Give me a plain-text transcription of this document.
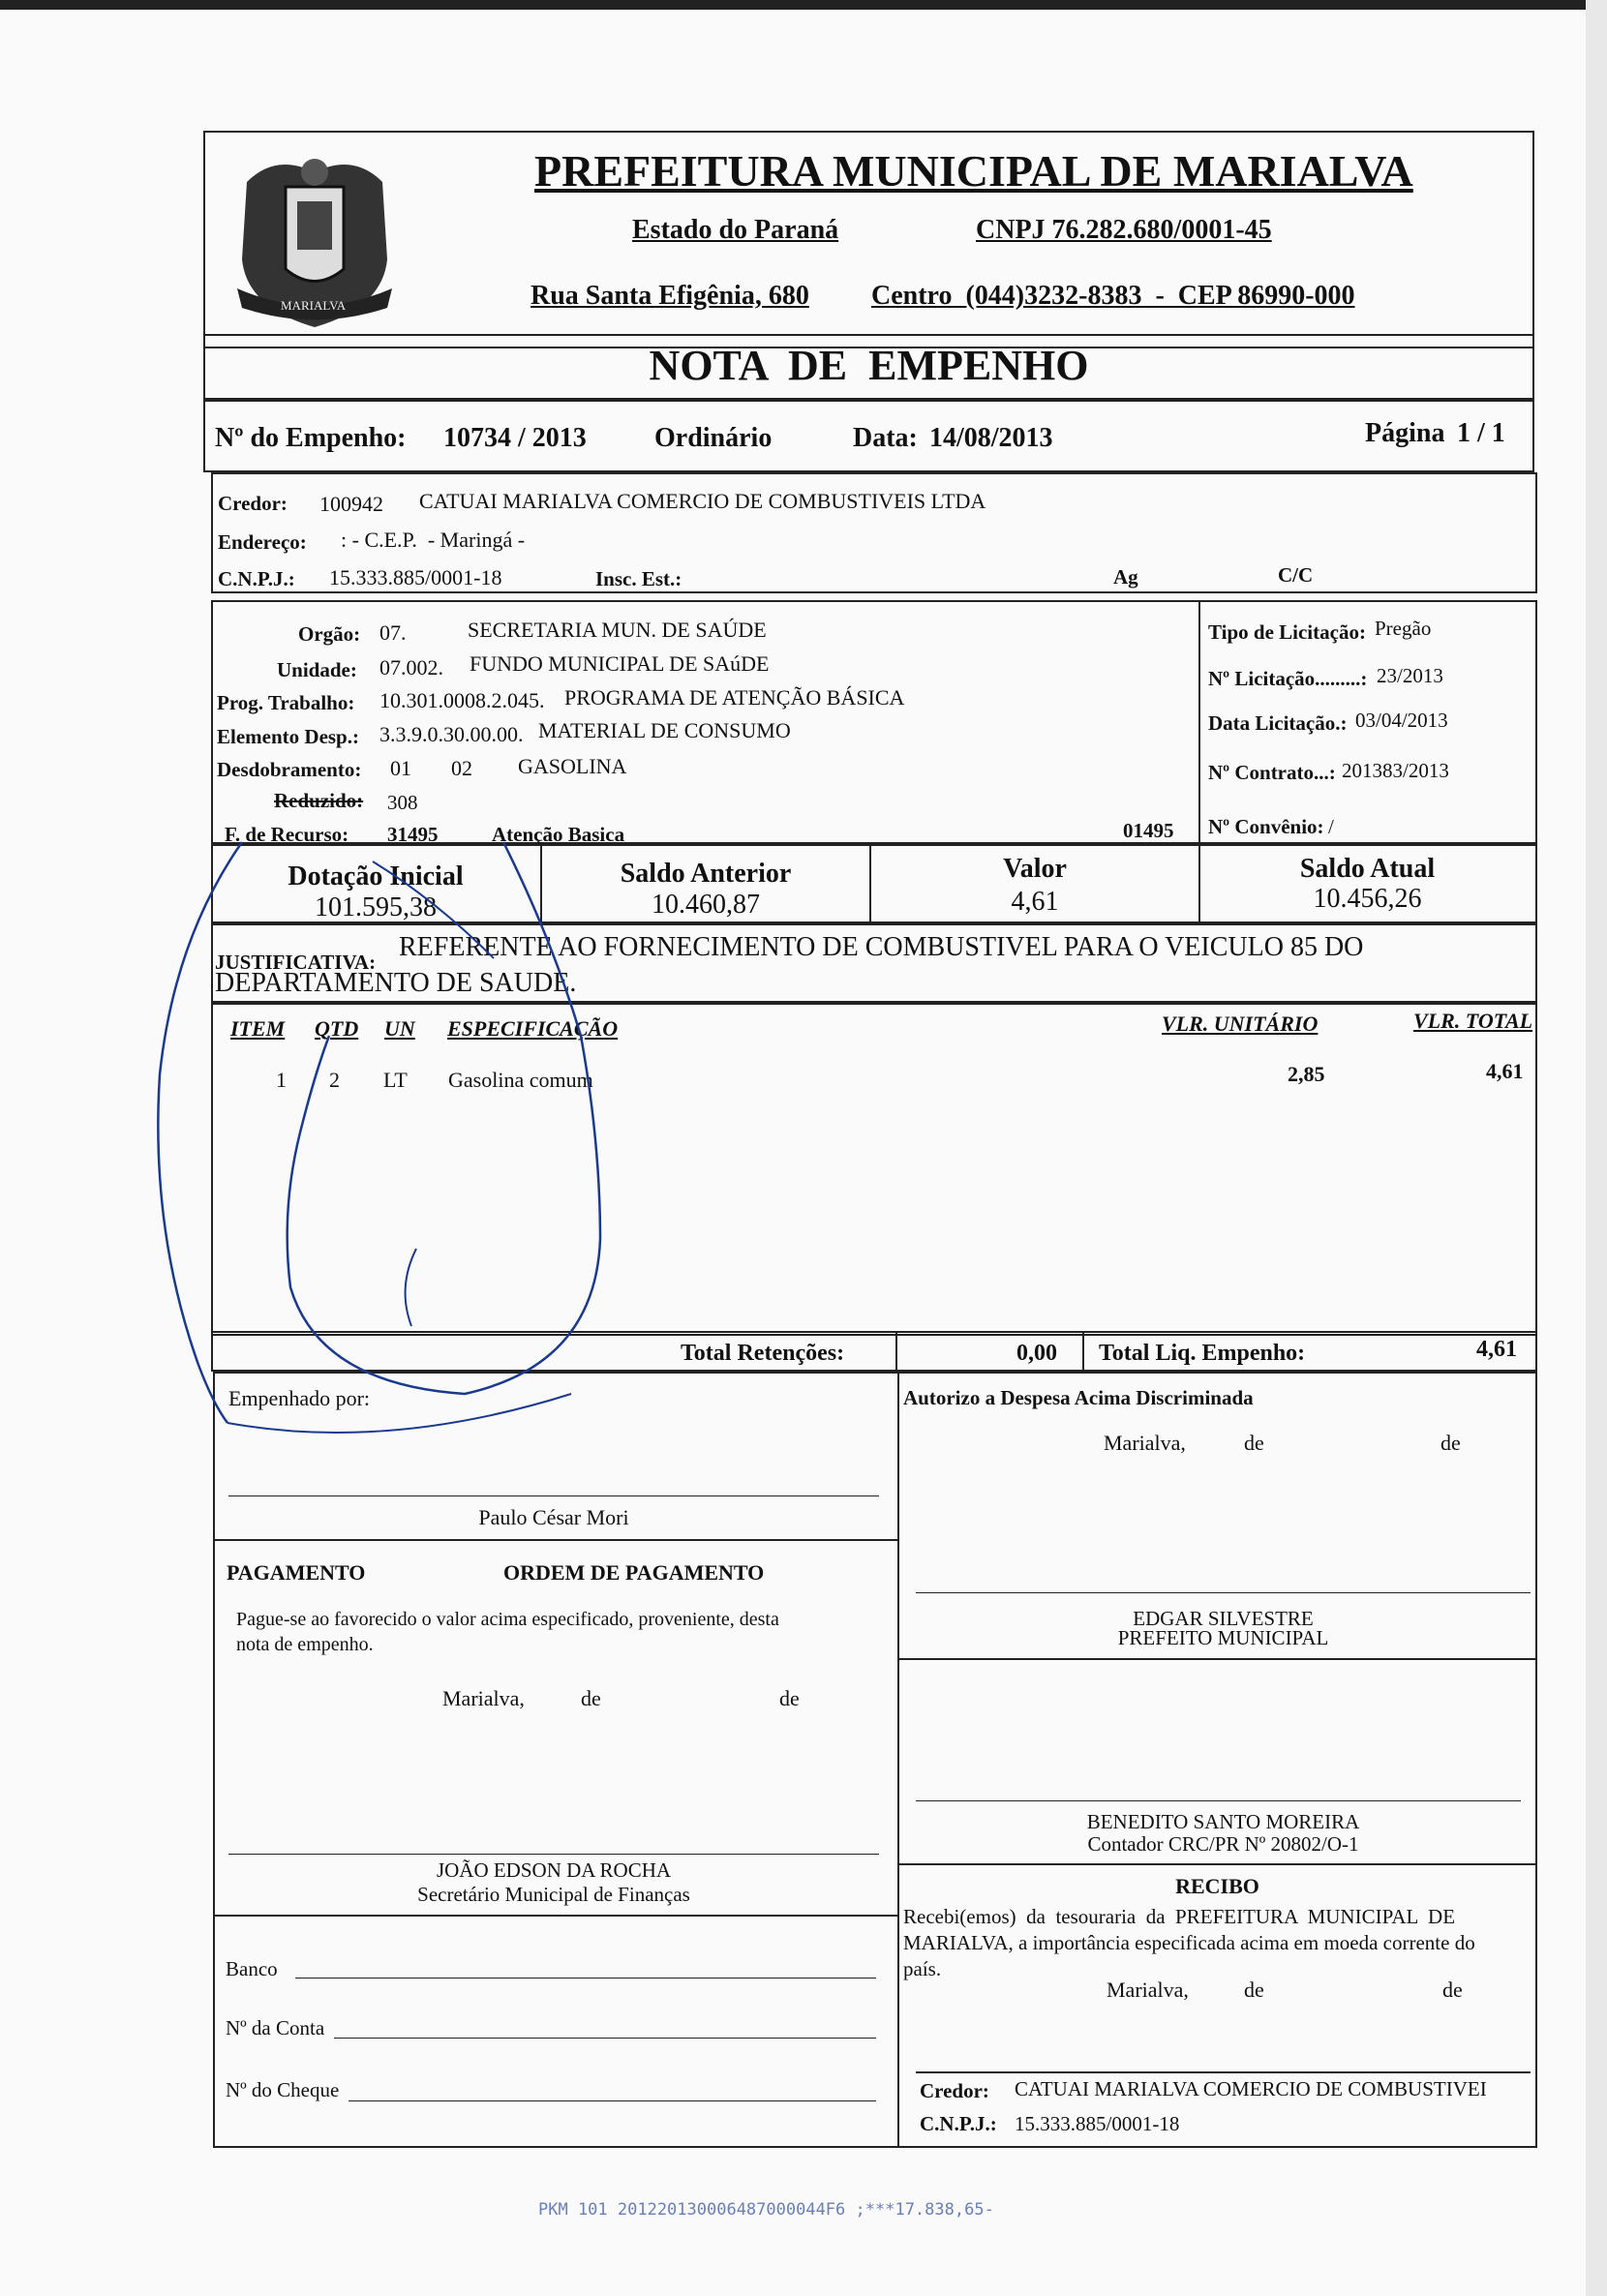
MARIALVA
PREFEITURA MUNICIPAL DE MARIALVA
Estado do Paraná	CNPJ 76.282.680/0001-45
Rua Santa Efigênia, 680 Centro  (044)3232-8383  -  CEP 86990-000
NOTA  DE  EMPENHO
Nº do Empenho: 10734 / 2013	Ordinário	Data: 14/08/2013	Página 1 / 1
Credor: 100942 CATUAI MARIALVA COMERCIO DE COMBUSTIVEIS LTDA
Endereço: : - C.E.P.  - Maringá -
C.N.P.J.: 15.333.885/0001-18	Insc. Est.:	Ag	C/C
Orgão: 07.	SECRETARIA MUN. DE SAÚDE
Unidade: 07.002. FUNDO MUNICIPAL DE SAúDE
Prog. Trabalho: 10.301.0008.2.045. PROGRAMA DE ATENÇÃO BÁSICA
Elemento Desp.: 3.3.9.0.30.00.00. MATERIAL DE CONSUMO
Desdobramento: 01 02 GASOLINA
Reduzido: 308
F. de Recurso: 31495	Atenção Basica	01495
Tipo de Licitação: Pregão
Nº Licitação.........: 23/2013
Data Licitação.: 03/04/2013
Nº Contrato...: 201383/2013
Nº Convênio: /
Dotação Inicial
101.595,38
Saldo Anterior
10.460,87
Valor
4,61
Saldo Atual
10.456,26
JUSTIFICATIVA: REFERENTE AO FORNECIMENTO DE COMBUSTIVEL PARA O VEICULO 85 DO
DEPARTAMENTO DE SAUDE.
ITEM QTD UN ESPECIFICAÇÃO	VLR. UNITÁRIO	VLR. TOTAL
1 2 LT Gasolina comum	2,85	4,61
Total Retenções:	0,00 Total Liq. Empenho:	4,61
Empenhado por:
Paulo César Mori
PAGAMENTO	ORDEM DE PAGAMENTO
Pague-se ao favorecido o valor acima especificado, proveniente, desta
nota de empenho.
Marialva,	de	de
JOÃO EDSON DA ROCHA
Secretário Municipal de Finanças
Banco
Nº da Conta
Nº do Cheque
Autorizo a Despesa Acima Discriminada
Marialva,	de	de
EDGAR SILVESTRE
PREFEITO MUNICIPAL
BENEDITO SANTO MOREIRA
Contador CRC/PR Nº 20802/O-1
RECIBO
Recebi(emos)  da  tesouraria  da  PREFEITURA  MUNICIPAL  DE
MARIALVA, a importância especificada acima em moeda corrente do
país.
Marialva,	de	de
Credor: CATUAI MARIALVA COMERCIO DE COMBUSTIVEI
C.N.P.J.: 15.333.885/0001-18
PKM 101 201220130006487000044F6 ;***17.838,65-
